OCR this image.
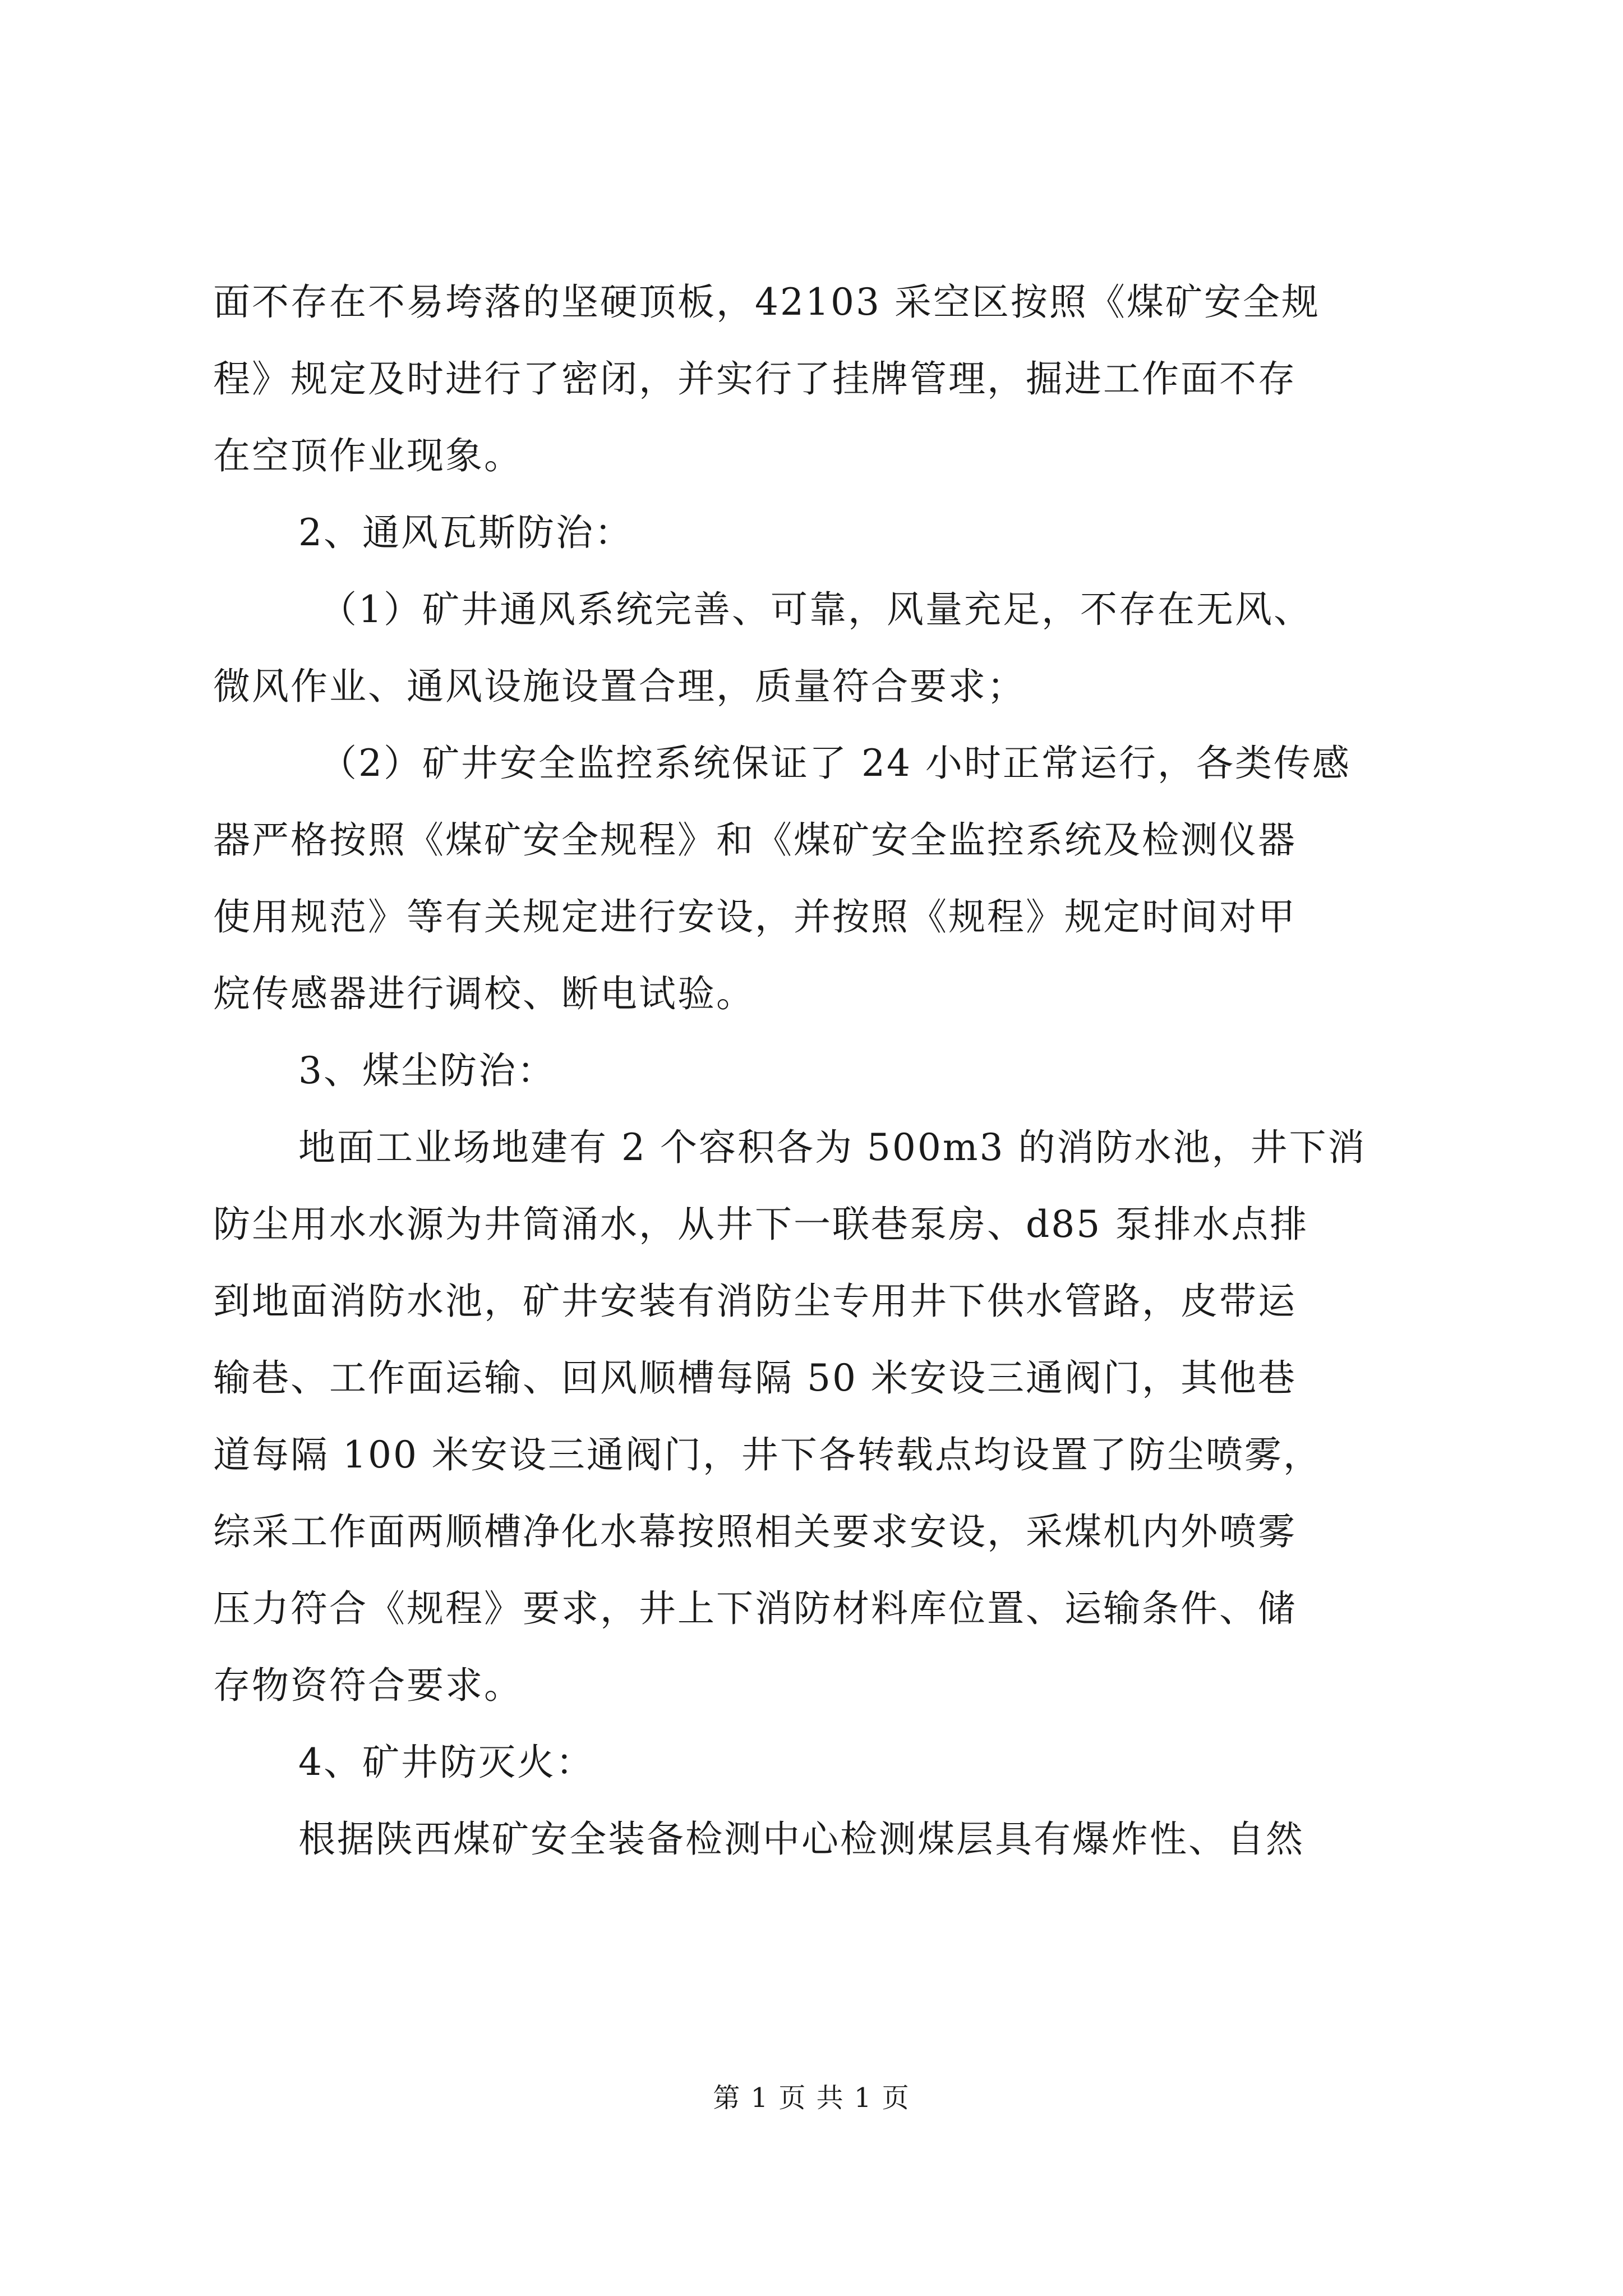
面不存在不易垮落的坚硬顶板，42103 采空区按照《煤矿安全规
程》规定及时进行了密闭，并实行了挂牌管理，掘进工作面不存
在空顶作业现象。
2、通风瓦斯防治：
（1）矿井通风系统完善、可靠，风量充足，不存在无风、
微风作业、通风设施设置合理，质量符合要求；
（2）矿井安全监控系统保证了 24 小时正常运行，各类传感
器严格按照《煤矿安全规程》和《煤矿安全监控系统及检测仪器
使用规范》等有关规定进行安设，并按照《规程》规定时间对甲
烷传感器进行调校、断电试验。
3、煤尘防治：
地面工业场地建有 2 个容积各为 500m3 的消防水池，井下消
防尘用水水源为井筒涌水，从井下一联巷泵房、d85 泵排水点排
到地面消防水池，矿井安装有消防尘专用井下供水管路，皮带运
输巷、工作面运输、回风顺槽每隔 50 米安设三通阀门，其他巷
道每隔 100 米安设三通阀门，井下各转载点均设置了防尘喷雾，
综采工作面两顺槽净化水幕按照相关要求安设，采煤机内外喷雾
压力符合《规程》要求，井上下消防材料库位置、运输条件、储
存物资符合要求。
4、矿井防灭火：
根据陕西煤矿安全装备检测中心检测煤层具有爆炸性、自然
第 1 页 共 1 页
